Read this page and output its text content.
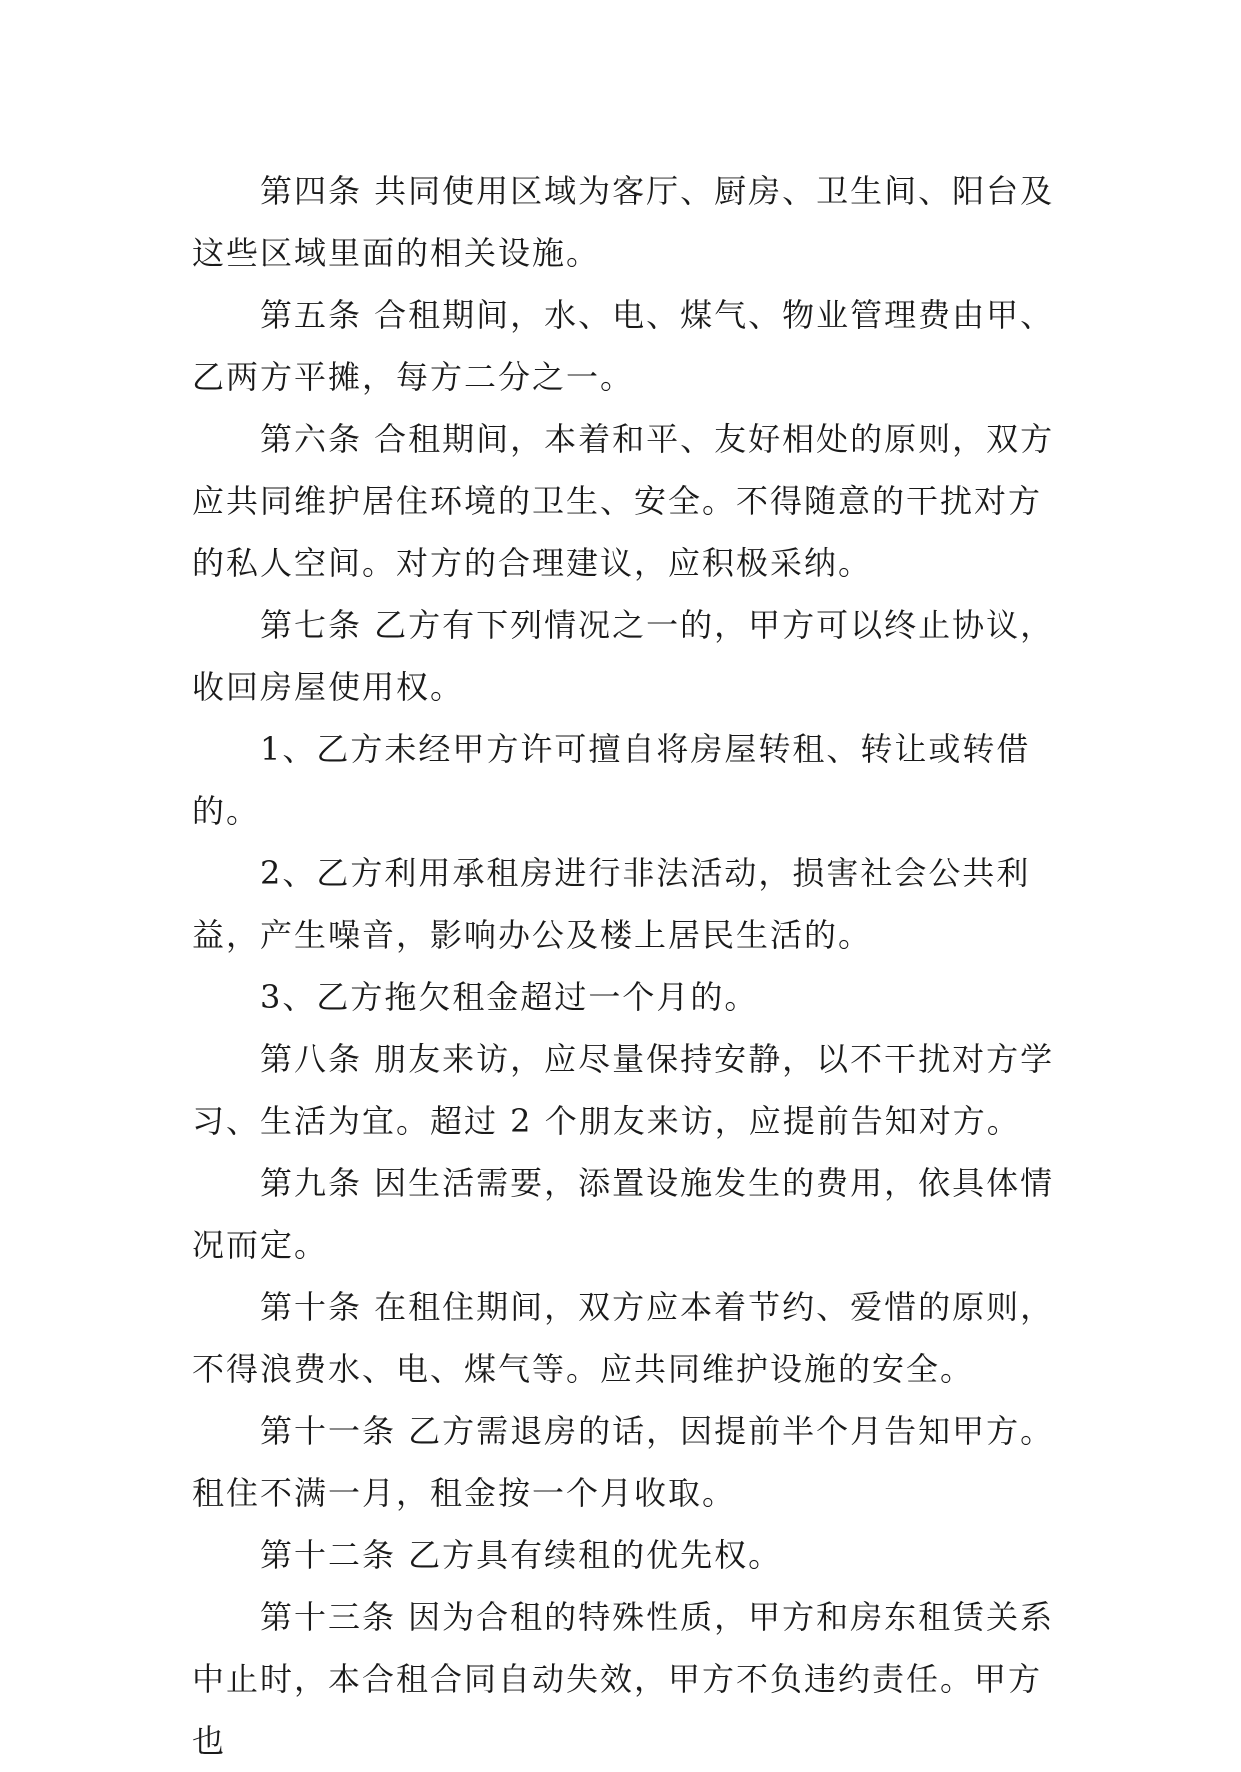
第四条 共同使用区域为客厅、厨房、卫生间、阳台及这些区域里面的相关设施。

第五条 合租期间，水、电、煤气、物业管理费由甲、乙两方平摊，每方二分之一。

第六条 合租期间，本着和平、友好相处的原则，双方应共同维护居住环境的卫生、安全。不得随意的干扰对方的私人空间。对方的合理建议，应积极采纳。

第七条 乙方有下列情况之一的，甲方可以终止协议，收回房屋使用权。

1、乙方未经甲方许可擅自将房屋转租、转让或转借的。

2、乙方利用承租房进行非法活动，损害社会公共利益，产生噪音，影响办公及楼上居民生活的。

3、乙方拖欠租金超过一个月的。

第八条 朋友来访，应尽量保持安静，以不干扰对方学习、生活为宜。超过 2 个朋友来访，应提前告知对方。

第九条 因生活需要，添置设施发生的费用，依具体情况而定。

第十条 在租住期间，双方应本着节约、爱惜的原则，不得浪费水、电、煤气等。应共同维护设施的安全。

第十一条 乙方需退房的话，因提前半个月告知甲方。租住不满一月，租金按一个月收取。

第十二条 乙方具有续租的优先权。

第十三条 因为合租的特殊性质，甲方和房东租赁关系中止时，本合租合同自动失效，甲方不负违约责任。甲方也
